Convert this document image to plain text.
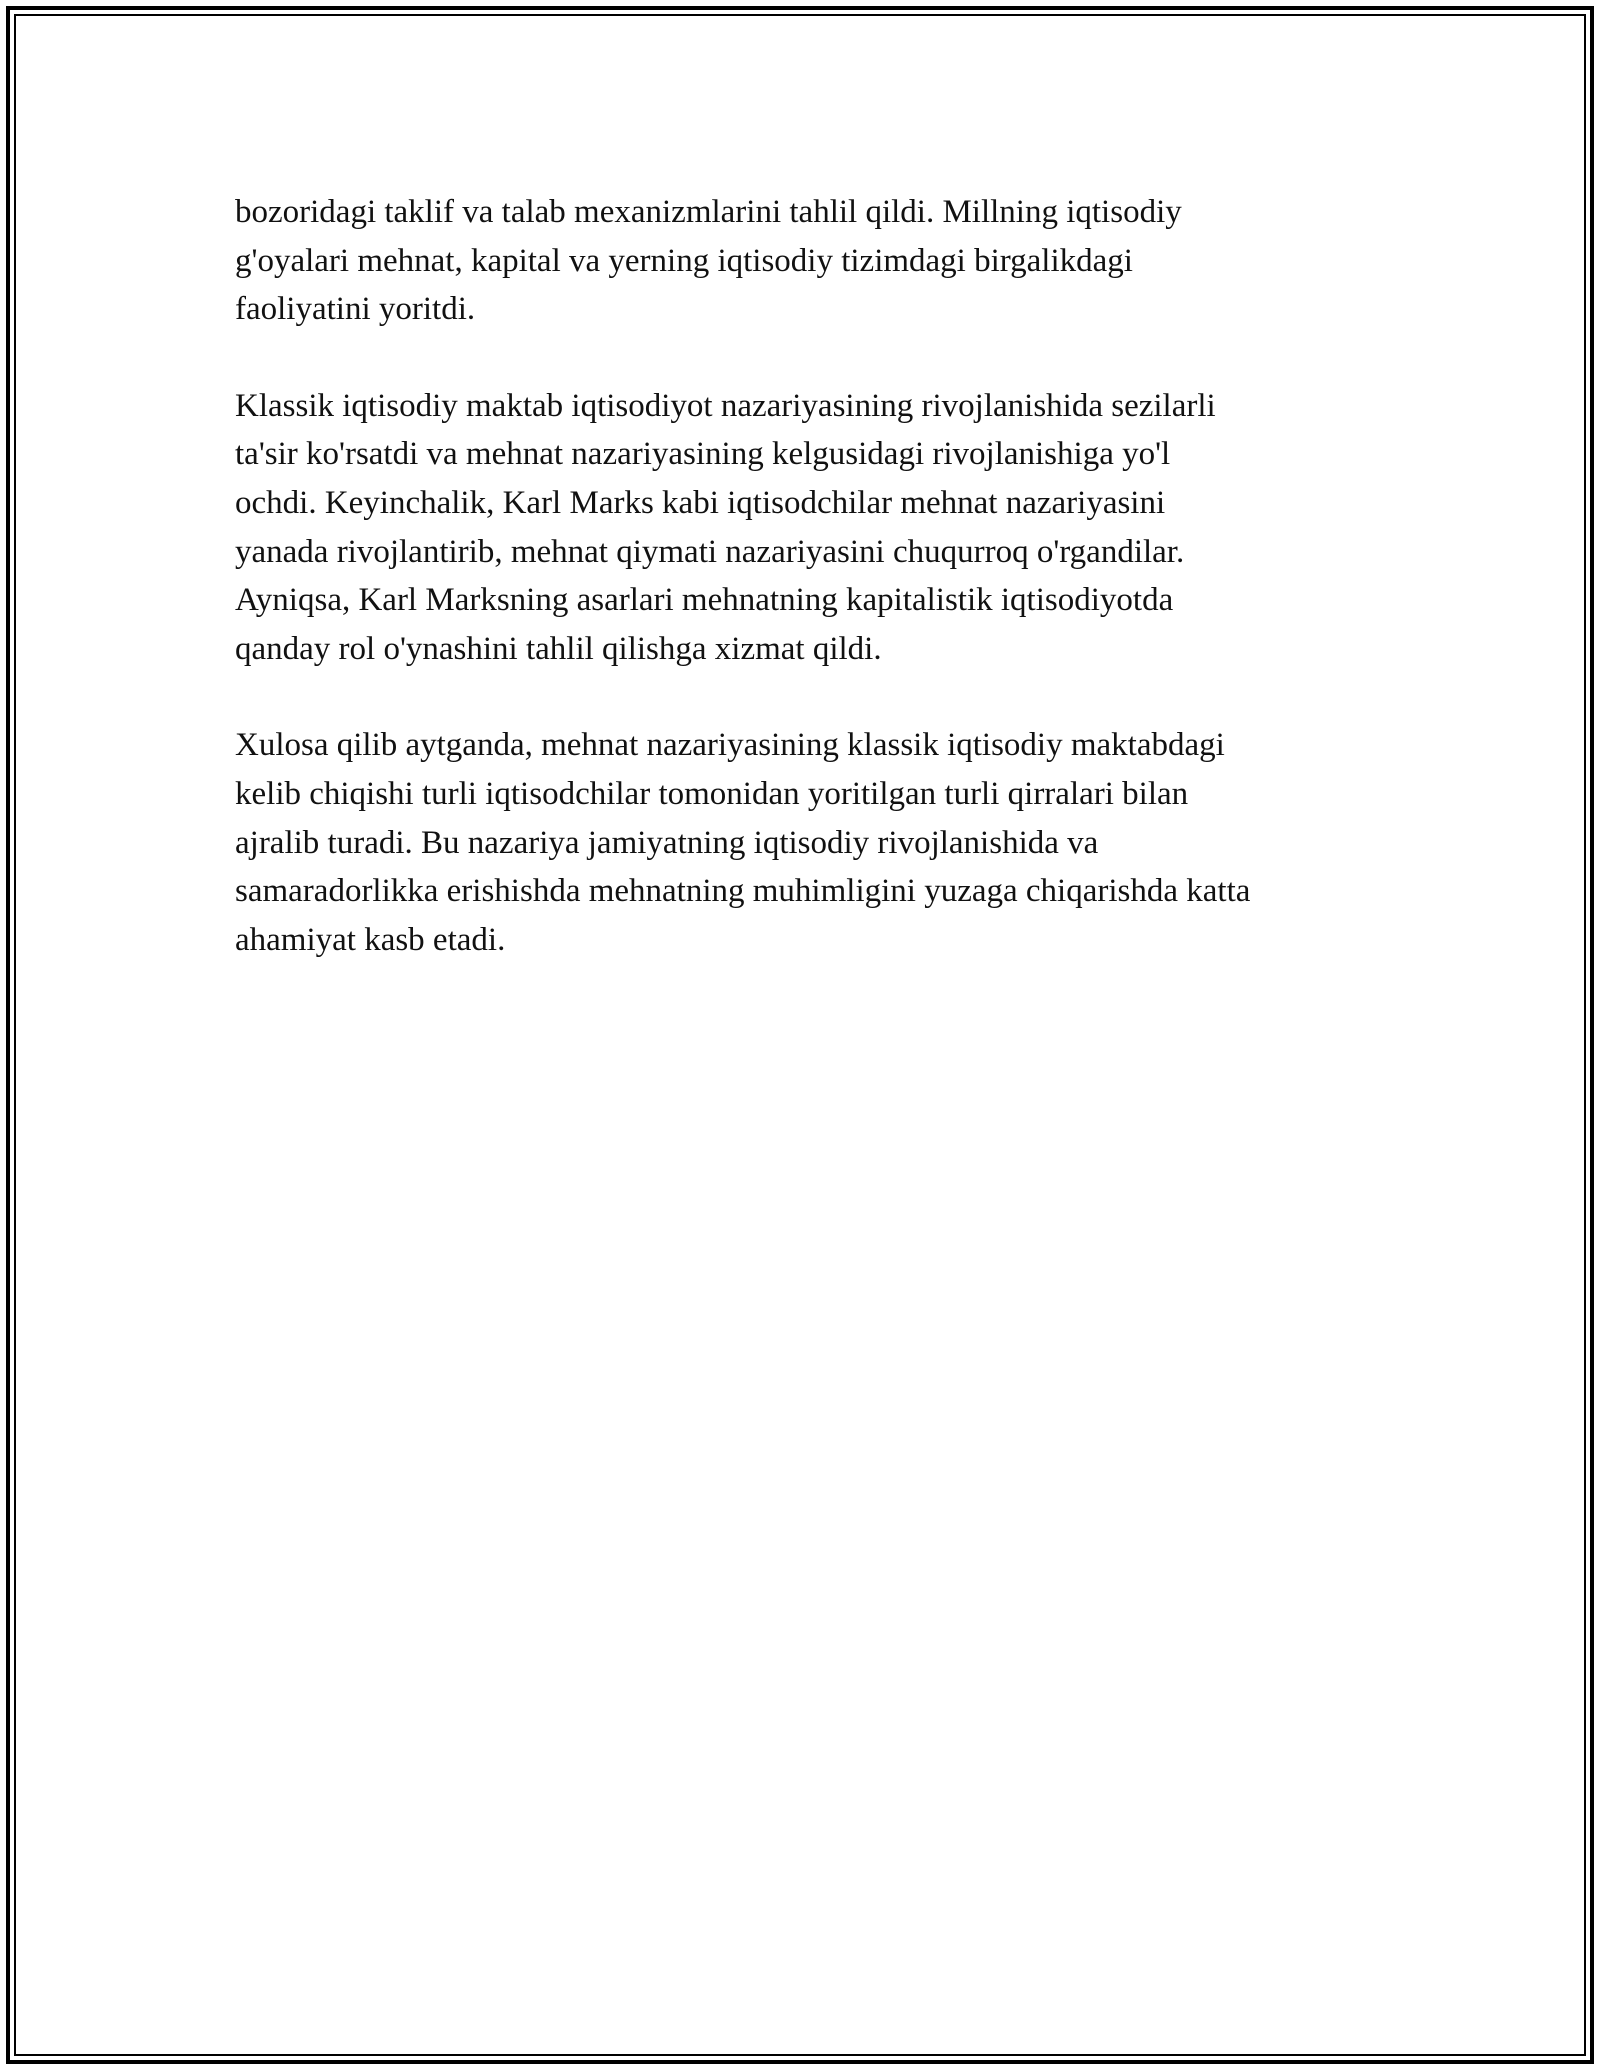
bozoridagi taklif va talab mexanizmlarini tahlil qildi. Millning iqtisodiy
g'oyalari mehnat, kapital va yerning iqtisodiy tizimdagi birgalikdagi
faoliyatini yoritdi.

Klassik iqtisodiy maktab iqtisodiyot nazariyasining rivojlanishida sezilarli
ta'sir ko'rsatdi va mehnat nazariyasining kelgusidagi rivojlanishiga yo'l
ochdi. Keyinchalik, Karl Marks kabi iqtisodchilar mehnat nazariyasini
yanada rivojlantirib, mehnat qiymati nazariyasini chuqurroq o'rgandilar.
Ayniqsa, Karl Marksning asarlari mehnatning kapitalistik iqtisodiyotda
qanday rol o'ynashini tahlil qilishga xizmat qildi.

Xulosa qilib aytganda, mehnat nazariyasining klassik iqtisodiy maktabdagi
kelib chiqishi turli iqtisodchilar tomonidan yoritilgan turli qirralari bilan
ajralib turadi. Bu nazariya jamiyatning iqtisodiy rivojlanishida va
samaradorlikka erishishda mehnatning muhimligini yuzaga chiqarishda katta
ahamiyat kasb etadi.
